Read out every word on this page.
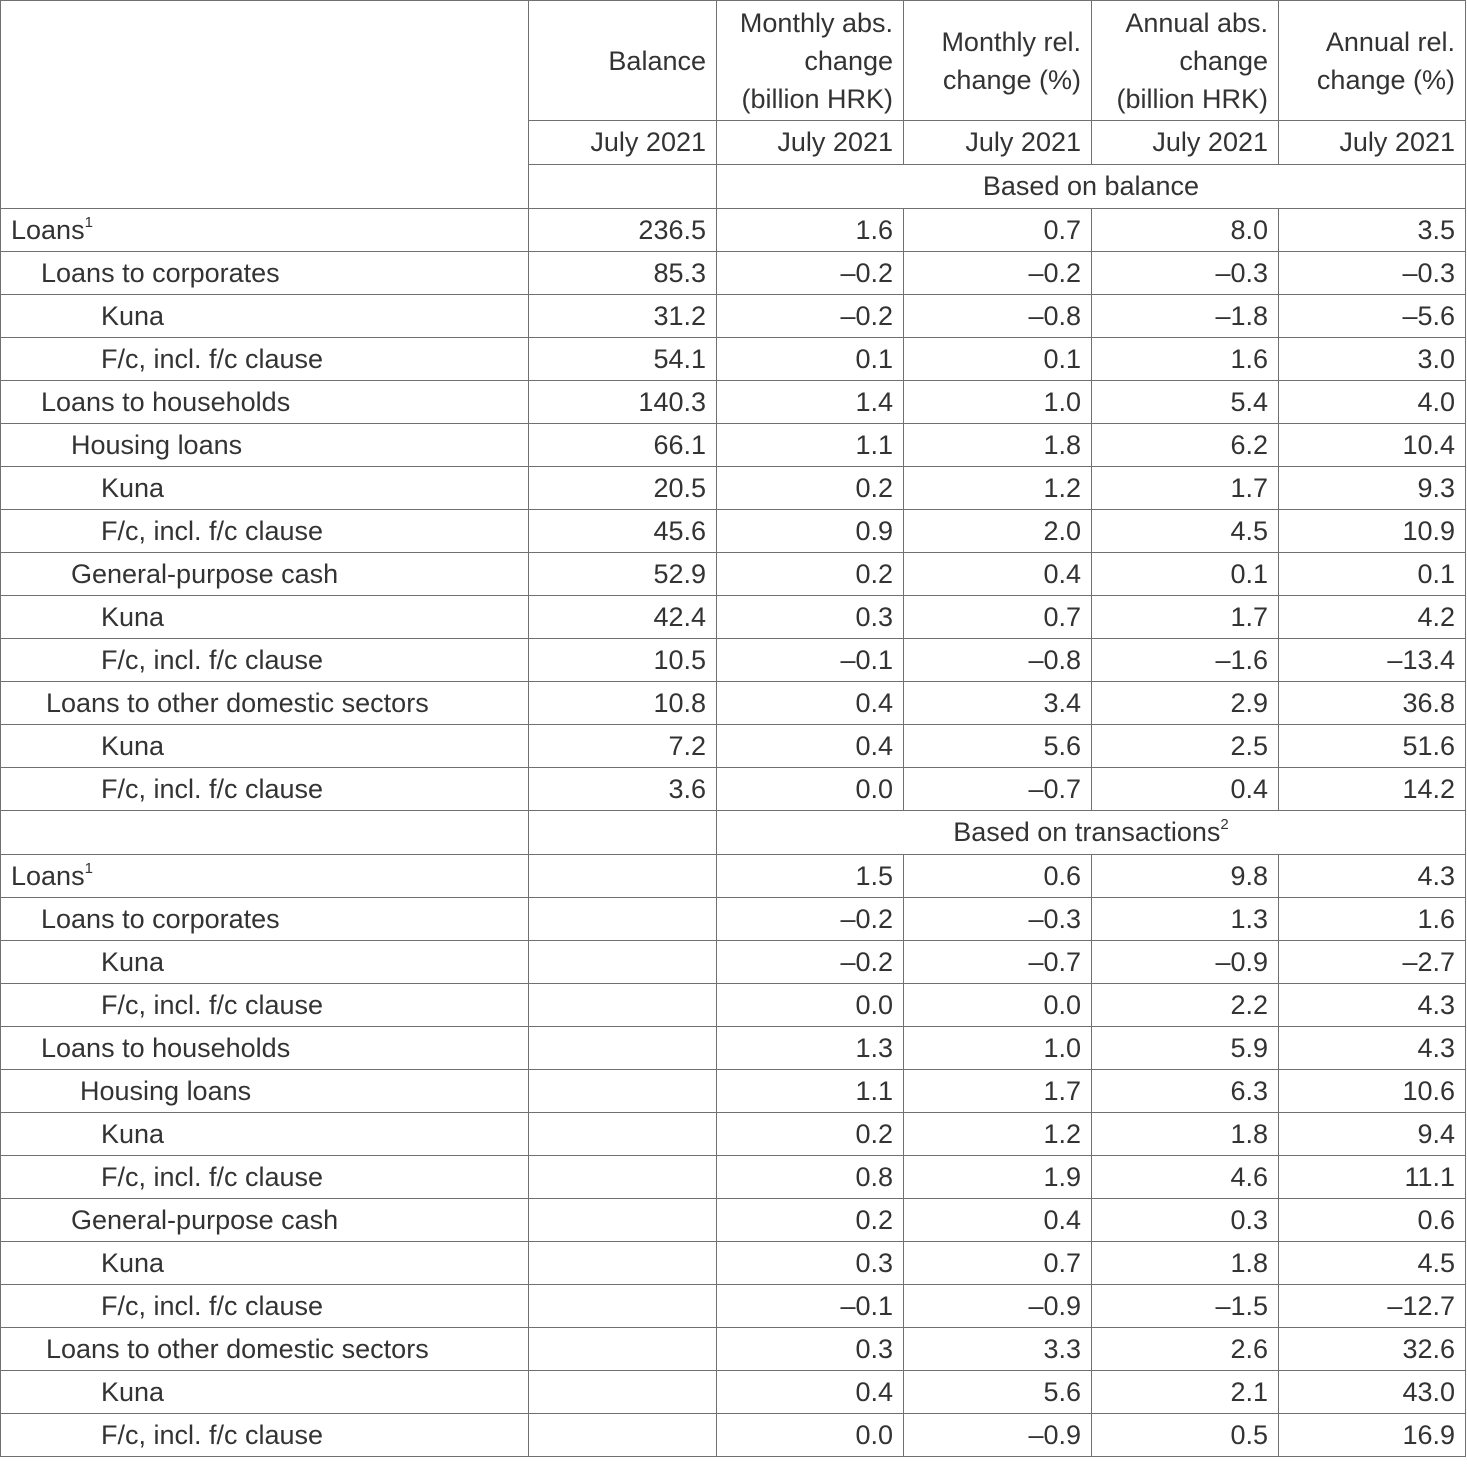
	Balance	Monthly abs. change (billion HRK)	Monthly rel. change (%)	Annual abs. change (billion HRK)	Annual rel. change (%)
	July 2021	July 2021	July 2021	July 2021	July 2021
		Based on balance			
Loans$^1$	236.5	1.6	0.7	8.0	3.5
Loans to corporates	85.3	–0.2	–0.2	–0.3	–0.3
Kuna	31.2	–0.2	–0.8	–1.8	–5.6
F/c, incl. f/c clause	54.1	0.1	0.1	1.6	3.0
Loans to households	140.3	1.4	1.0	5.4	4.0
Housing loans	66.1	1.1	1.8	6.2	10.4
Kuna	20.5	0.2	1.2	1.7	9.3
F/c, incl. f/c clause	45.6	0.9	2.0	4.5	10.9
General-purpose cash	52.9	0.2	0.4	0.1	0.1
Kuna	42.4	0.3	0.7	1.7	4.2
F/c, incl. f/c clause	10.5	–0.1	–0.8	–1.6	–13.4
Loans to other domestic sectors	10.8	0.4	3.4	2.9	36.8
Kuna	7.2	0.4	5.6	2.5	51.6
F/c, incl. f/c clause	3.6	0.0	–0.7	0.4	14.2
		Based on transactions$^2$
Loans$^1$		1.5	0.6	9.8	4.3
Loans to corporates		–0.2	–0.3	1.3	1.6
Kuna		–0.2	–0.7	–0.9	–2.7
F/c, incl. f/c clause		0.0	0.0	2.2	4.3
Loans to households		1.3	1.0	5.9	4.3
Housing loans		1.1	1.7	6.3	10.6
Kuna		0.2	1.2	1.8	9.4
F/c, incl. f/c clause		0.8	1.9	4.6	11.1
General-purpose cash		0.2	0.4	0.3	0.6
Kuna		0.3	0.7	1.8	4.5
F/c, incl. f/c clause		–0.1	–0.9	–1.5	–12.7
Loans to other domestic sectors		0.3	3.3	2.6	32.6
Kuna		0.4	5.6	2.1	43.0
F/c, incl. f/c clause		0.0	–0.9	0.5	16.9
